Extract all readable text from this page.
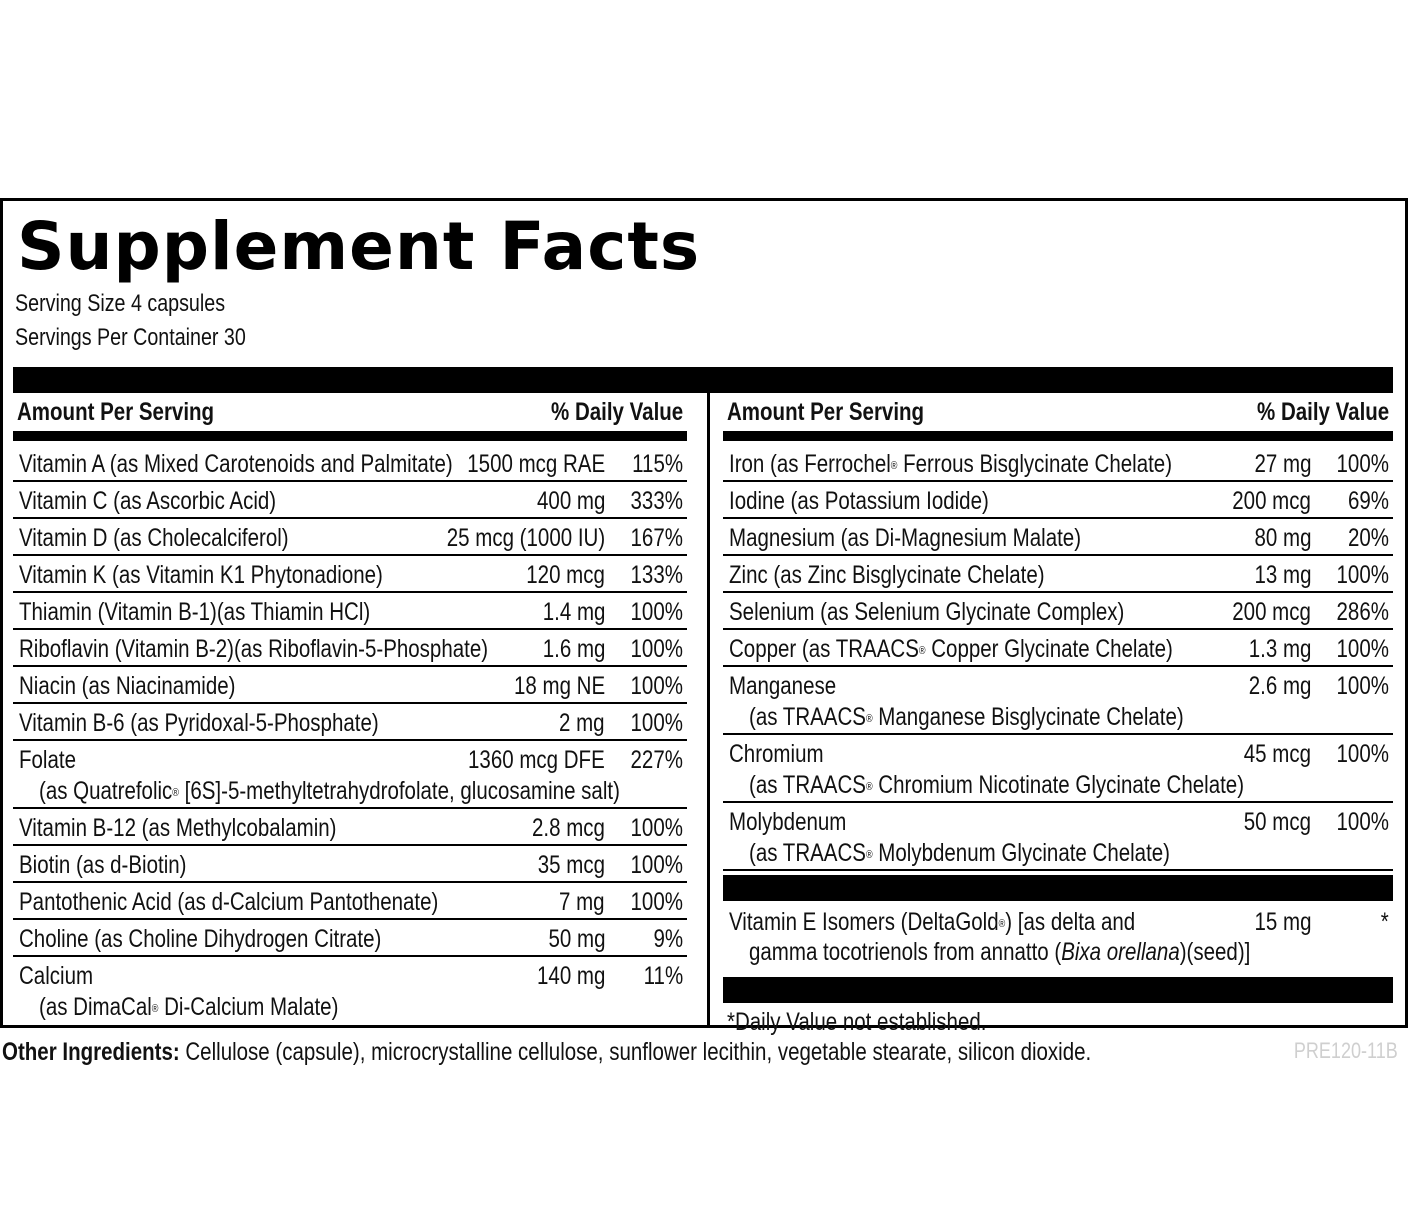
Supplement Facts
Serving Size 4 capsules
Servings Per Container 30
Amount Per Serving	% Daily Value
Vitamin A (as Mixed Carotenoids and Palmitate) 1500 mcg RAE	115%
Vitamin C (as Ascorbic Acid)	400 mg	333%
Vitamin D (as Cholecalciferol)	25 mcg (1000 IU)	167%
Vitamin K (as Vitamin K1 Phytonadione)	120 mcg	133%
Thiamin (Vitamin B-1)(as Thiamin HCl)	1.4 mg	100%
Riboflavin (Vitamin B-2)(as Riboflavin-5-Phosphate)	1.6 mg	100%
Niacin (as Niacinamide)	18 mg NE	100%
Vitamin B-6 (as Pyridoxal-5-Phosphate)	2 mg	100%
Folate
(as Quatrefolic® [6S]-5-methyltetrahydrofolate, glucosamine salt)
1360 mcg DFE	227%
Vitamin B-12 (as Methylcobalamin)	2.8 mcg	100%
Biotin (as d-Biotin)	35 mcg	100%
Pantothenic Acid (as d-Calcium Pantothenate)	7 mg	100%
Choline (as Choline Dihydrogen Citrate)	50 mg 9%
Calcium
(as DimaCal® Di-Calcium Malate)
140 mg	11%
Amount Per Serving	% Daily Value
Iron (as Ferrochel® Ferrous Bisglycinate Chelate)	27 mg	100%
Iodine (as Potassium Iodide)	200 mcg	69%
Magnesium (as Di-Magnesium Malate)	80 mg	20%
Zinc (as Zinc Bisglycinate Chelate)	13 mg	100%
Selenium (as Selenium Glycinate Complex)	200 mcg	286%
Copper (as TRAACS® Copper Glycinate Chelate)	1.3 mg	100%
Manganese
(as TRAACS® Manganese Bisglycinate Chelate)
2.6 mg	100%
Chromium
(as TRAACS® Chromium Nicotinate Glycinate Chelate)
45 mcg	100%
Molybdenum
(as TRAACS® Molybdenum Glycinate Chelate)
50 mcg	100%
Vitamin E Isomers (DeltaGold®) [as delta and
gamma tocotrienols from annatto (Bixa orellana)(seed)]
15 mg	*
*Daily Value not established.
Other Ingredients: Cellulose (capsule), microcrystalline cellulose, sunflower lecithin, vegetable stearate, silicon dioxide.	PRE120-11B
